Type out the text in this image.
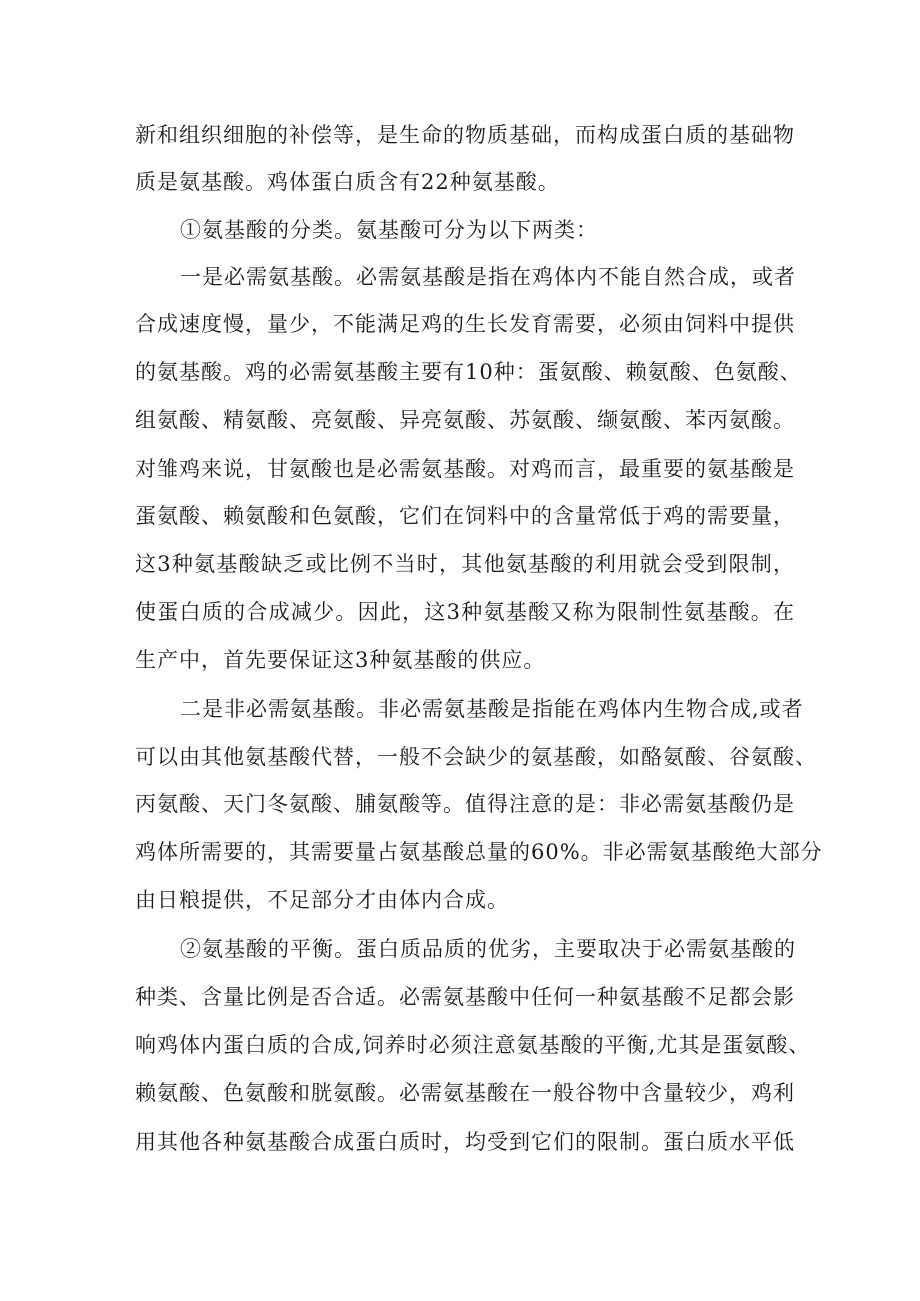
新和组织细胞的补偿等，是生命的物质基础，而构成蛋白质的基础物
质是氨基酸。鸡体蛋白质含有22种氨基酸。
①氨基酸的分类。氨基酸可分为以下两类：
一是必需氨基酸。必需氨基酸是指在鸡体内不能自然合成，或者
合成速度慢，量少，不能满足鸡的生长发育需要，必须由饲料中提供
的氨基酸。鸡的必需氨基酸主要有10种：蛋氨酸、赖氨酸、色氨酸、
组氨酸、精氨酸、亮氨酸、异亮氨酸、苏氨酸、缬氨酸、苯丙氨酸。
对雏鸡来说，甘氨酸也是必需氨基酸。对鸡而言，最重要的氨基酸是
蛋氨酸、赖氨酸和色氨酸，它们在饲料中的含量常低于鸡的需要量，
这3种氨基酸缺乏或比例不当时，其他氨基酸的利用就会受到限制，
使蛋白质的合成减少。因此，这3种氨基酸又称为限制性氨基酸。在
生产中，首先要保证这3种氨基酸的供应。
二是非必需氨基酸。非必需氨基酸是指能在鸡体内生物合成,或者
可以由其他氨基酸代替，一般不会缺少的氨基酸，如酪氨酸、谷氨酸、
丙氨酸、天门冬氨酸、脯氨酸等。值得注意的是：非必需氨基酸仍是
鸡体所需要的，其需要量占氨基酸总量的60%。非必需氨基酸绝大部分
由日粮提供，不足部分才由体内合成。
②氨基酸的平衡。蛋白质品质的优劣，主要取决于必需氨基酸的
种类、含量比例是否合适。必需氨基酸中任何一种氨基酸不足都会影
响鸡体内蛋白质的合成,饲养时必须注意氨基酸的平衡,尤其是蛋氨酸、
赖氨酸、色氨酸和胱氨酸。必需氨基酸在一般谷物中含量较少，鸡利
用其他各种氨基酸合成蛋白质时，均受到它们的限制。蛋白质水平低
